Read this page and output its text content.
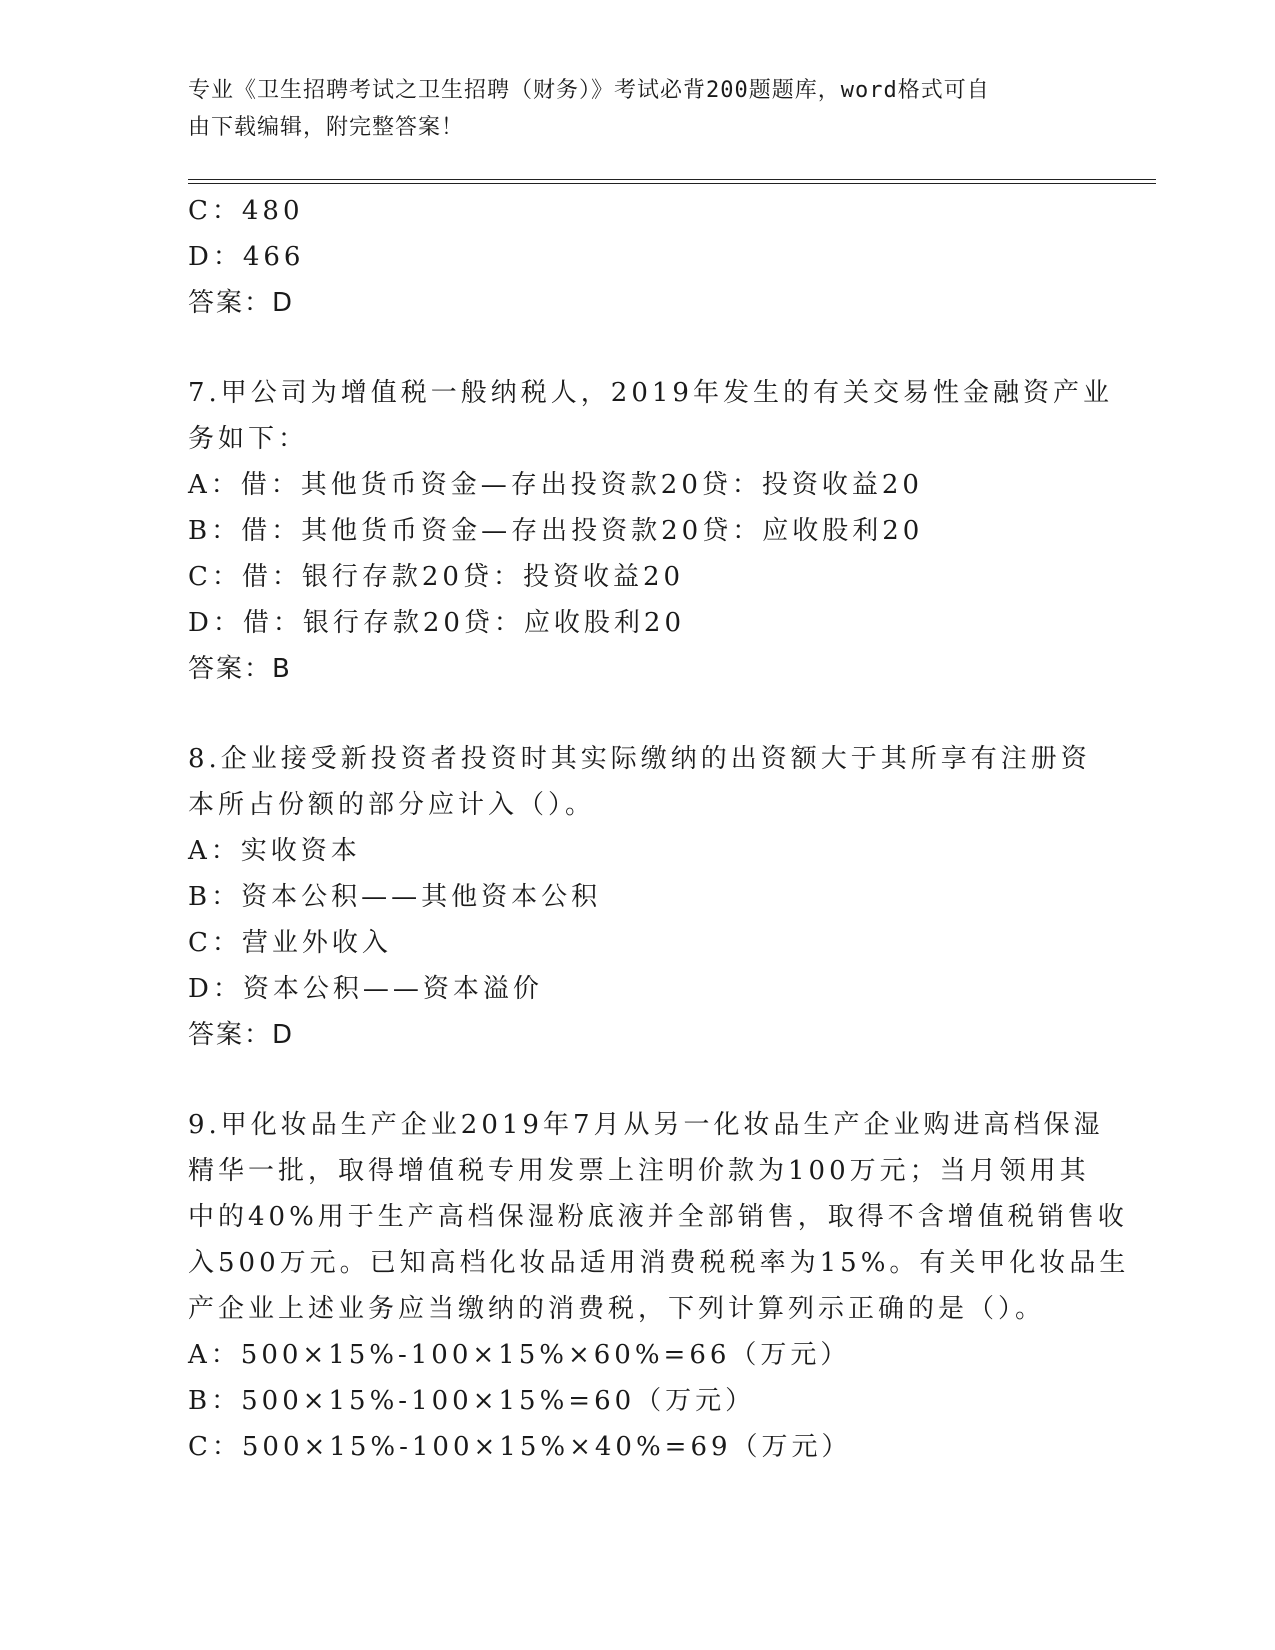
专业《卫生招聘考试之卫生招聘（财务）》考试必背200题题库，word格式可自
由下载编辑，附完整答案！
C：480
D：466
答案：D
7.甲公司为增值税一般纳税人，2019年发生的有关交易性金融资产业
务如下：
A：借：其他货币资金—存出投资款20贷：投资收益20
B：借：其他货币资金—存出投资款20贷：应收股利20
C：借：银行存款20贷：投资收益20
D：借：银行存款20贷：应收股利20
答案：B
8.企业接受新投资者投资时其实际缴纳的出资额大于其所享有注册资
本所占份额的部分应计入（）。
A：实收资本
B：资本公积——其他资本公积
C：营业外收入
D：资本公积——资本溢价
答案：D
9.甲化妆品生产企业2019年7月从另一化妆品生产企业购进高档保湿
精华一批，取得增值税专用发票上注明价款为100万元；当月领用其
中的40%用于生产高档保湿粉底液并全部销售，取得不含增值税销售收
入500万元。已知高档化妆品适用消费税税率为15%。有关甲化妆品生
产企业上述业务应当缴纳的消费税，下列计算列示正确的是（）。
A：500×15%-100×15%×60%=66（万元）
B：500×15%-100×15%=60（万元）
C：500×15%-100×15%×40%=69（万元）
